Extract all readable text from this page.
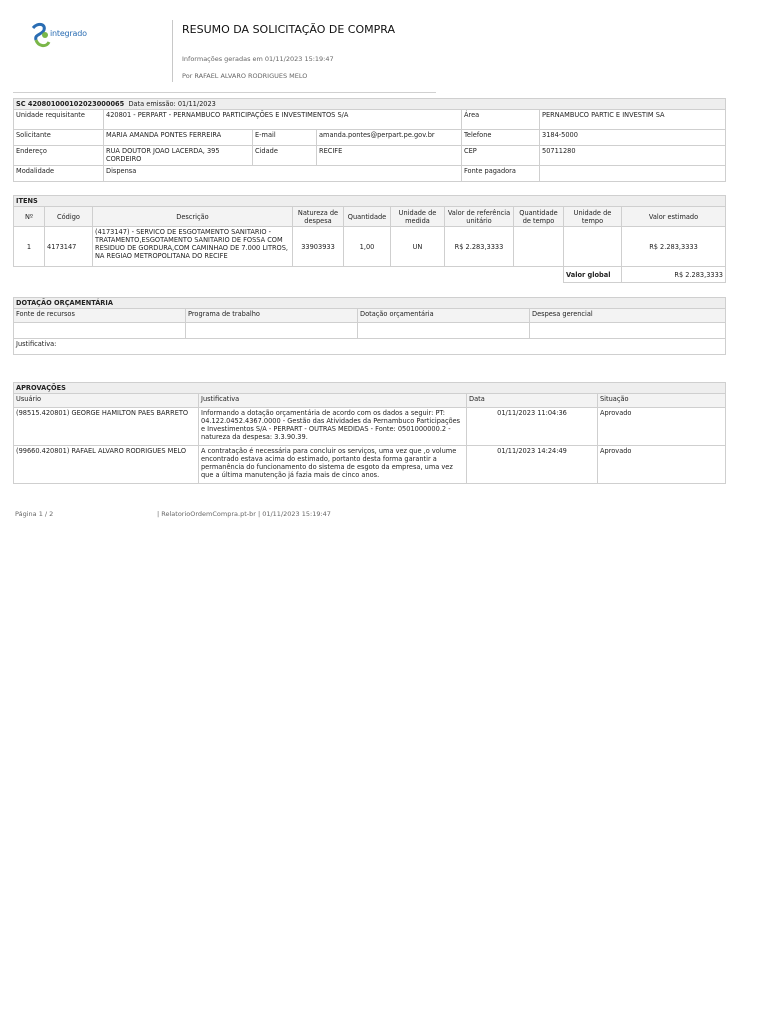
integrado	RESUMO DA SOLICITAÇÃO DE COMPRA
Informações geradas em 01/11/2023 15:19:47
Por RAFAEL ALVARO RODRIGUES MELO
SC 420801000102023000065 Data emissão: 01/11/2023					
Unidade requisitante	420801 - PERPART - PERNAMBUCO PARTICIPAÇÕES E INVESTIMENTOS S/A			Área	PERNAMBUCO PARTIC E INVESTIM SA
Solicitante	MARIA AMANDA PONTES FERREIRA	E-mail	amanda.pontes@perpart.pe.gov.br	Telefone	3184-5000
Endereço	RUA DOUTOR JOAO LACERDA, 395 CORDEIRO	Cidade	RECIFE	CEP	50711280
Modalidade	Dispensa			Fonte pagadora	
ITENS									
Nº	Código	Descrição	Natureza de despesa	Quantidade	Unidade de medida	Valor de referência unitário	Quantidade de tempo	Unidade de tempo	Valor estimado
1	4173147	(4173147) - SERVICO DE ESGOTAMENTO SANITARIO - TRATAMENTO,ESGOTAMENTO SANITARIO DE FOSSA COM RESIDUO DE GORDURA,COM CAMINHAO DE 7.000 LITROS, NA REGIAO METROPOLITANA DO RECIFE	33903933	1,00	UN	R$ 2.283,3333			R$ 2.283,3333
								Valor global	R$ 2.283,3333
DOTAÇÃO ORÇAMENTÁRIA			
Fonte de recursos	Programa de trabalho	Dotação orçamentária	Despesa gerencial

Justificativa:			
APROVAÇÕES			
Usuário	Justificativa	Data	Situação
(98515.420801) GEORGE HAMILTON PAES BARRETO	Informando a dotação orçamentária de acordo com os dados a seguir: PT: 04.122.0452.4367.0000 - Gestão das Atividades da Pernambuco Participações e Investimentos S/A - PERPART - OUTRAS MEDIDAS - Fonte: 0501000000.2 - natureza da despesa: 3.3.90.39.	01/11/2023 11:04:36	Aprovado
(99660.420801) RAFAEL ALVARO RODRIGUES MELO	A contratação é necessária para concluir os serviços, uma vez que ,o volume encontrado estava acima do estimado, portanto desta forma garantir a permanência do funcionamento do sistema de esgoto da empresa, uma vez que a última manutenção já fazia mais de cinco anos.	01/11/2023 14:24:49	Aprovado
Página 1 / 2	| RelatorioOrdemCompra.pt-br | 01/11/2023 15:19:47
